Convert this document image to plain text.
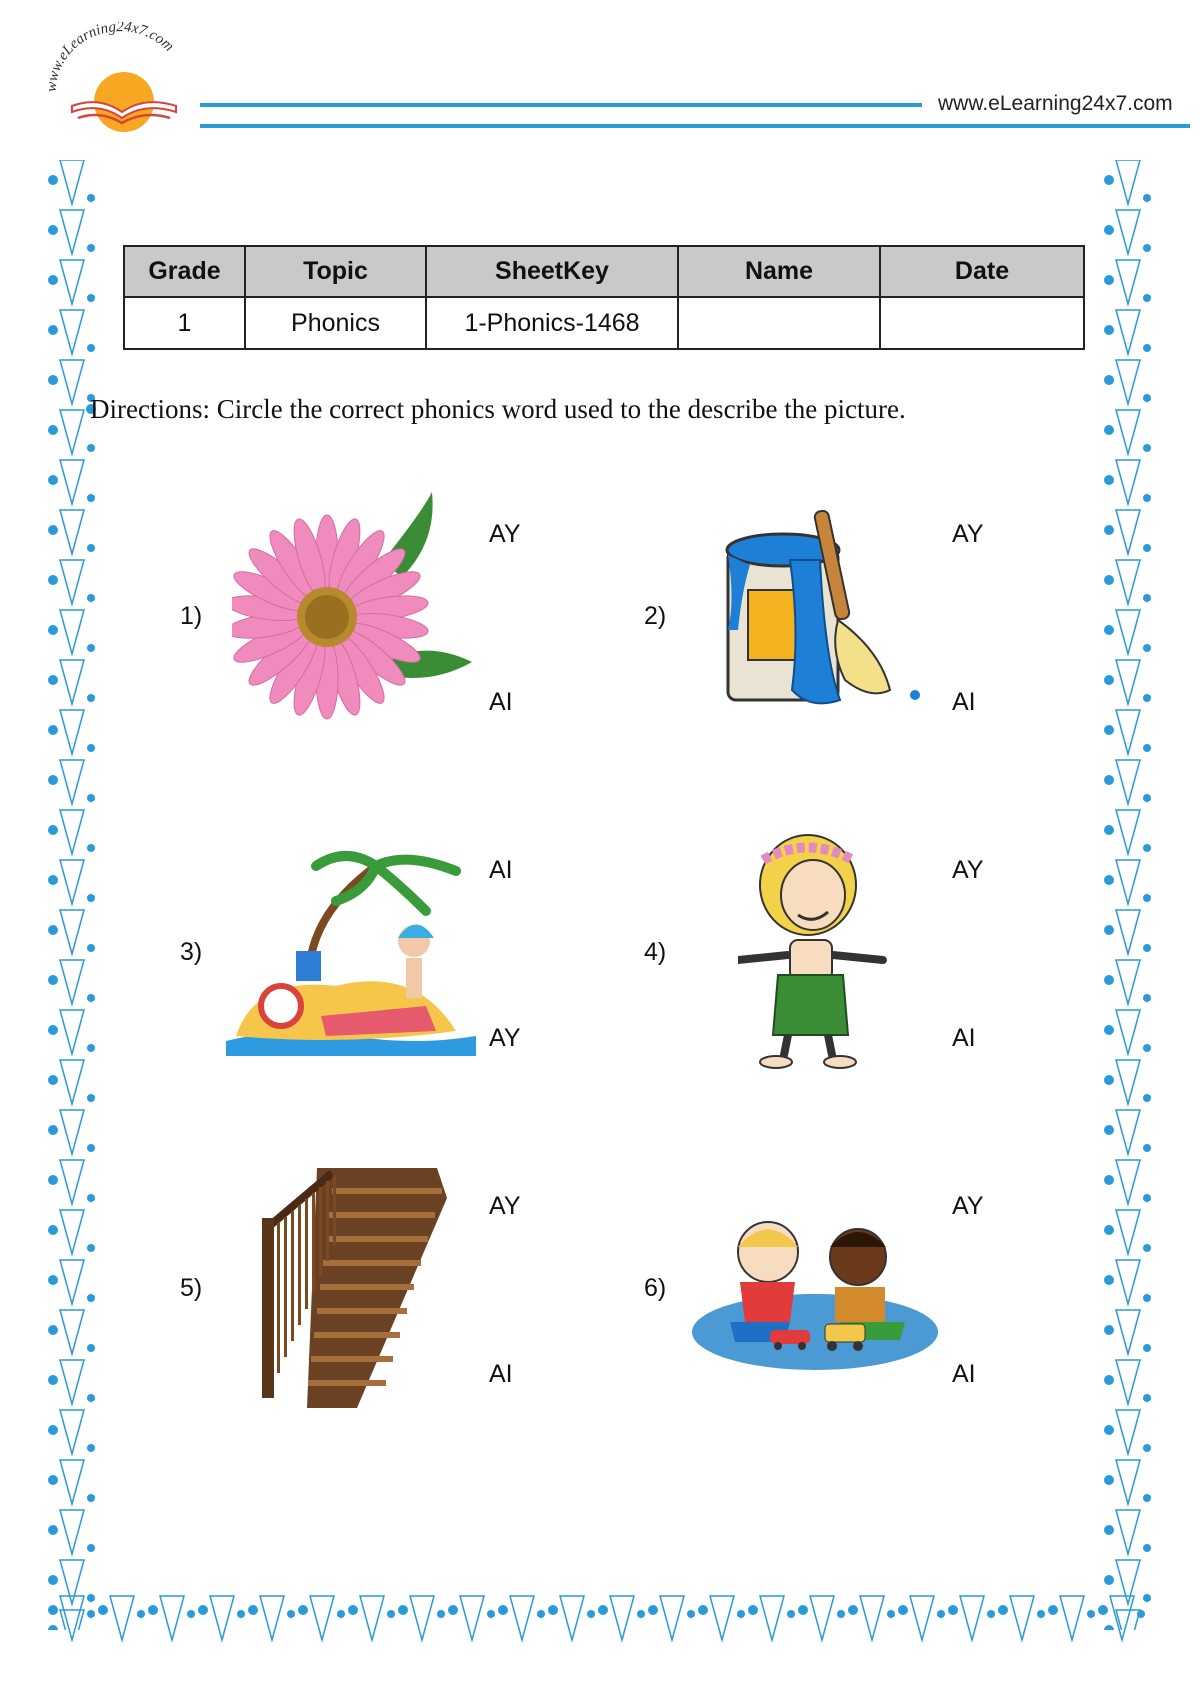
www.eLearning24x7.com
www.eLearning24x7.com
Grade	Topic	SheetKey	Name	Date
1	Phonics	1-Phonics-1468		
Directions: Circle the correct phonics word used to the describe the picture.
1)
AY
AI
2)
AY
AI
3)
AI
AY
4)
AY
AI
5)
AY
AI
6)
AY
AI
